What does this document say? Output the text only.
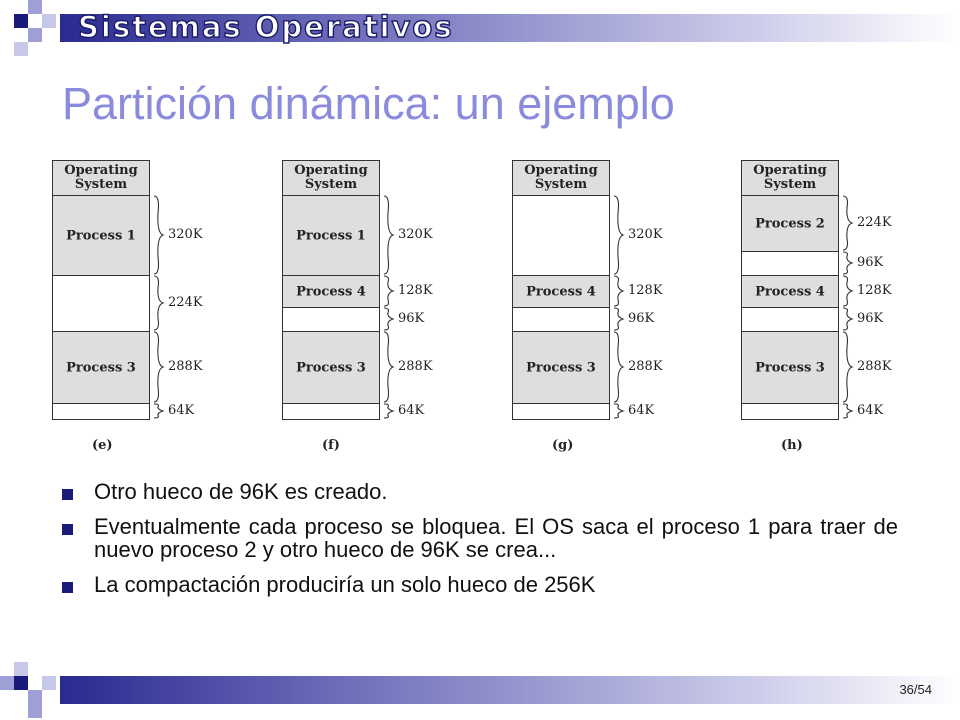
Sistemas Operativos
Partición dinámica: un ejemplo
Otro hueco de 96K es creado.
Eventualmente cada proceso se bloquea. El OS saca el proceso 1 para traer de nuevo proceso 2 y otro hueco de 96K se crea...
La compactación produciría un solo hueco de 256K
36/54
Operating
System
Process 1	320K
224K
Process 3	288K
64K
(e)
Operating
System
Process 1	320K
Process 4	128K
96K
Process 3	288K
64K
(f)
Operating
System
320K
Process 4	128K
96K
Process 3	288K
64K
(g)
Operating
System
Process 2	224K
96K
Process 4	128K
96K
Process 3	288K
64K
(h)
